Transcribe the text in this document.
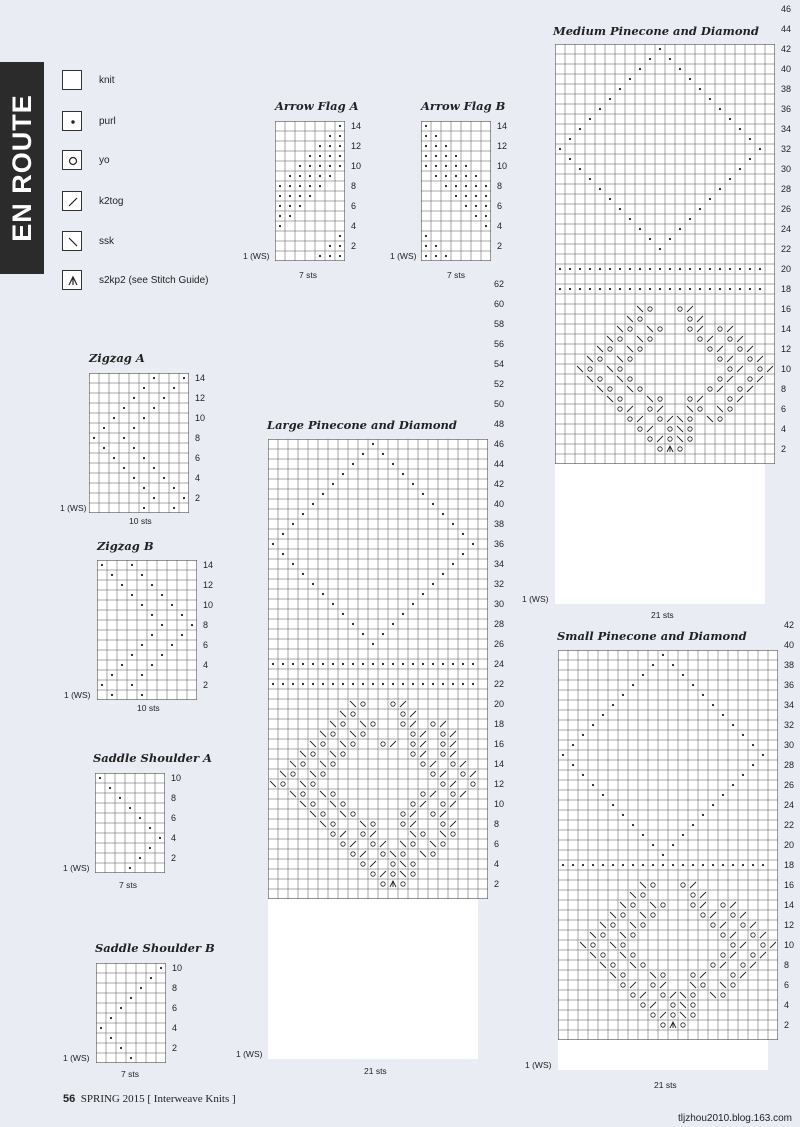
EN ROUTE
knit
purl
yo
k2tog
ssk
s2kp2 (see Stitch Guide)
Arrow Flag A
2
4
6
8
10
12
14
1 (WS)
7 sts
Arrow Flag B
2
4
6
8
10
12
14
1 (WS)
7 sts
Zigzag A
2
4
6
8
10
12
14
1 (WS)
10 sts
Zigzag B
2
4
6
8
10
12
14
1 (WS)
10 sts
Saddle Shoulder A
2
4
6
8
10
1 (WS)
7 sts
Saddle Shoulder B
2
4
6
8
10
1 (WS)
7 sts
Large Pinecone and Diamond
2
4
6
8
10
12
14
16
18
20
22
24
26
28
30
32
34
36
38
40
42
44
46
48
50
52
54
56
58
60
62
1 (WS)
21 sts
Medium Pinecone and Diamond
2
4
6
8
10
12
14
16
18
20
22
24
26
28
30
32
34
36
38
40
42
44
46
1 (WS)
21 sts
Small Pinecone and Diamond
2
4
6
8
10
12
14
16
18
20
22
24
26
28
30
32
34
36
38
40
42
1 (WS)
21 sts
56 SPRING 2015 [ Interweave Knits ]
tljzhou2010.blog.163.com
